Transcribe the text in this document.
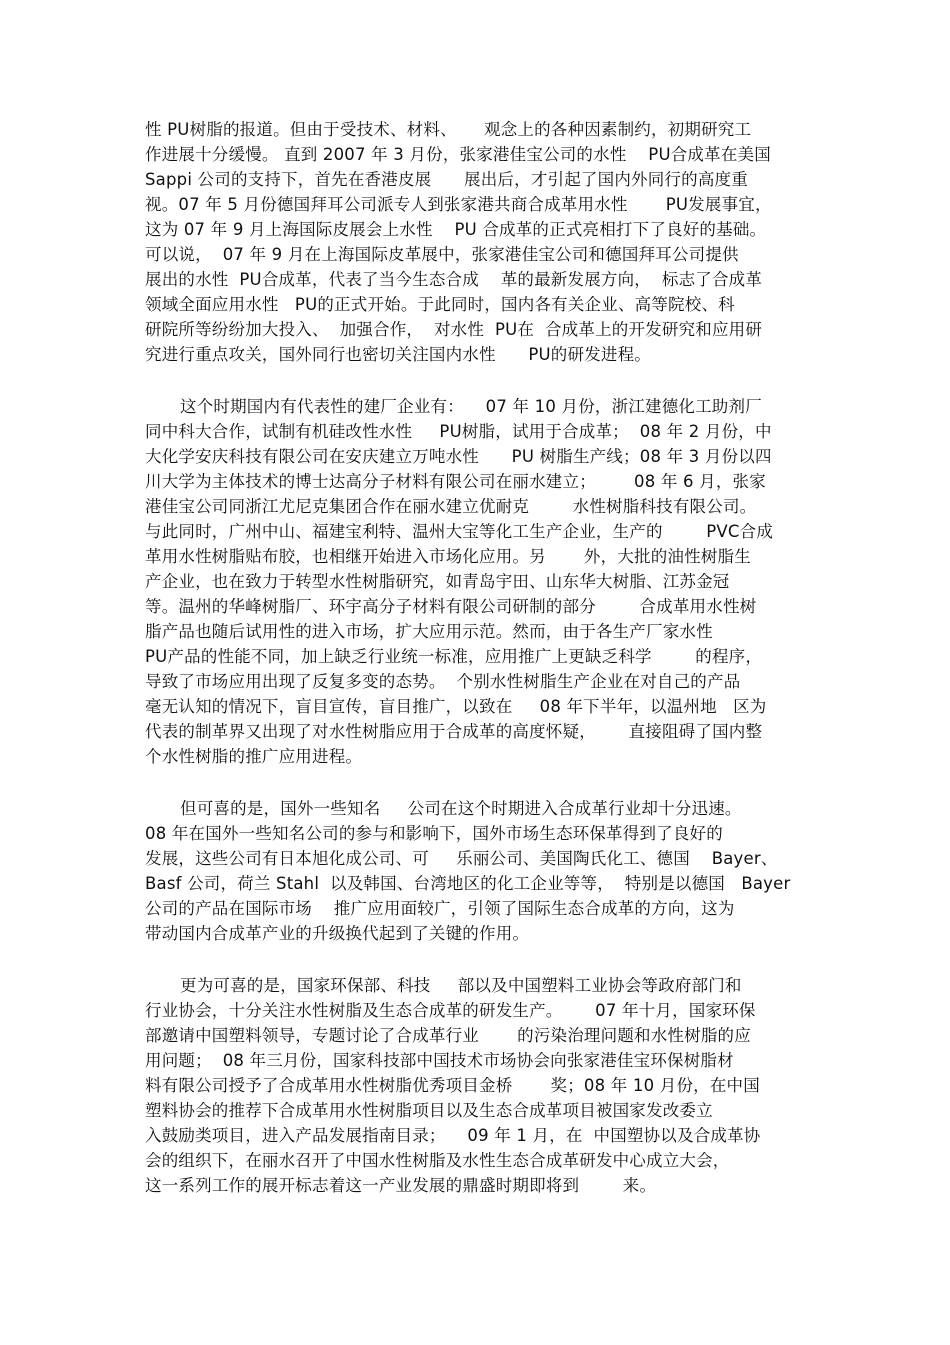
性 PU树脂的报道。但由于受技术、材料、     观念上的各种因素制约，初期研究工
作进展十分缓慢。 直到 2007 年 3 月份，张家港佳宝公司的水性    PU合成革在美国
Sappi 公司的支持下，首先在香港皮展      展出后，才引起了国内外同行的高度重
视。07 年 5 月份德国拜耳公司派专人到张家港共商合成革用水性       PU发展事宜，
这为 07 年 9 月上海国际皮展会上水性    PU 合成革的正式亮相打下了良好的基础。
可以说，  07 年 9 月在上海国际皮革展中，张家港佳宝公司和德国拜耳公司提供
展出的水性  PU合成革，代表了当今生态合成    革的最新发展方向，  标志了合成革
领域全面应用水性   PU的正式开始。于此同时，国内各有关企业、高等院校、科
研院所等纷纷加大投入、  加强合作，  对水性  PU在  合成革上的开发研究和应用研
究进行重点攻关，国外同行也密切关注国内水性      PU的研发进程。
这个时期国内有代表性的建厂企业有：    07 年 10 月份，浙江建德化工助剂厂
同中科大合作，试制有机硅改性水性     PU树脂，试用于合成革；  08 年 2 月份，中
大化学安庆科技有限公司在安庆建立万吨水性      PU 树脂生产线；08 年 3 月份以四
川大学为主体技术的博士达高分子材料有限公司在丽水建立；       08 年 6 月，张家
港佳宝公司同浙江尤尼克集团合作在丽水建立优耐克        水性树脂科技有限公司。
与此同时，广州中山、福建宝利特、温州大宝等化工生产企业，生产的        PVC合成
革用水性树脂贴布胶，也相继开始进入市场化应用。另       外，大批的油性树脂生
产企业，也在致力于转型水性树脂研究，如青岛宇田、山东华大树脂、江苏金冠
等。温州的华峰树脂厂、环宇高分子材料有限公司研制的部分        合成革用水性树
脂产品也随后试用性的进入市场，扩大应用示范。然而，由于各生产厂家水性
PU产品的性能不同，加上缺乏行业统一标准，应用推广上更缺乏科学        的程序，
导致了市场应用出现了反复多变的态势。  个别水性树脂生产企业在对自己的产品
毫无认知的情况下，盲目宣传，盲目推广，以致在     08 年下半年，以温州地   区为
代表的制革界又出现了对水性树脂应用于合成革的高度怀疑，      直接阻碍了国内整
个水性树脂的推广应用进程。
但可喜的是，国外一些知名     公司在这个时期进入合成革行业却十分迅速。
08 年在国外一些知名公司的参与和影响下，国外市场生态环保革得到了良好的
发展，这些公司有日本旭化成公司、可     乐丽公司、美国陶氏化工、德国    Bayer、
Basf 公司，荷兰 Stahl  以及韩国、台湾地区的化工企业等等，  特别是以德国   Bayer
公司的产品在国际市场    推广应用面较广，引领了国际生态合成革的方向，这为
带动国内合成革产业的升级换代起到了关键的作用。
更为可喜的是，国家环保部、科技     部以及中国塑料工业协会等政府部门和
行业协会，十分关注水性树脂及生态合成革的研发生产。      07 年十月，国家环保
部邀请中国塑料领导，专题讨论了合成革行业       的污染治理问题和水性树脂的应
用问题；  08 年三月份，国家科技部中国技术市场协会向张家港佳宝环保树脂材
料有限公司授予了合成革用水性树脂优秀项目金桥       奖；08 年 10 月份，在中国
塑料协会的推荐下合成革用水性树脂项目以及生态合成革项目被国家发改委立
入鼓励类项目，进入产品发展指南目录；    09 年 1 月，在  中国塑协以及合成革协
会的组织下，在丽水召开了中国水性树脂及水性生态合成革研发中心成立大会，
这一系列工作的展开标志着这一产业发展的鼎盛时期即将到        来。
